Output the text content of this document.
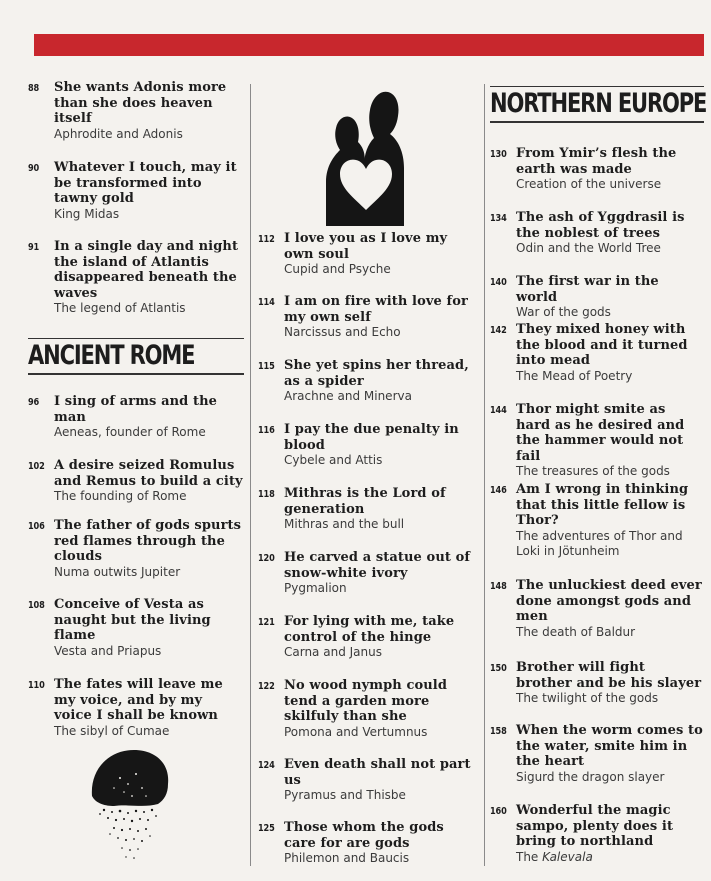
88 She wants Adonis more than she does heaven itself
Aphrodite and Adonis
90 Whatever I touch, may it be transformed into tawny gold
King Midas
91 In a single day and night the island of Atlantis disappeared beneath the waves
The legend of Atlantis
ANCIENT ROME
96 I sing of arms and the man
Aeneas, founder of Rome
102 A desire seized Romulus and Remus to build a city
The founding of Rome
106 The father of gods spurts red flames through the clouds
Numa outwits Jupiter
108 Conceive of Vesta as naught but the living flame
Vesta and Priapus
110 The fates will leave me my voice, and by my voice I shall be known
The sibyl of Cumae
112 I love you as I love my own soul
Cupid and Psyche
114 I am on fire with love for my own self
Narcissus and Echo
115 She yet spins her thread, as a spider
Arachne and Minerva
116 I pay the due penalty in blood
Cybele and Attis
118 Mithras is the Lord of generation
Mithras and the bull
120 He carved a statue out of snow-white ivory
Pygmalion
121 For lying with me, take control of the hinge
Carna and Janus
122 No wood nymph could tend a garden more skilfuly than she
Pomona and Vertumnus
124 Even death shall not part us
Pyramus and Thisbe
125 Those whom the gods care for are gods
Philemon and Baucis
NORTHERN EUROPE
130 From Ymir’s flesh the earth was made
Creation of the universe
134 The ash of Yggdrasil is the noblest of trees
Odin and the World Tree
140 The first war in the world
War of the gods
142 They mixed honey with the blood and it turned into mead
The Mead of Poetry
144 Thor might smite as hard as he desired and the hammer would not fail
The treasures of the gods
146 Am I wrong in thinking that this little fellow is Thor?
The adventures of Thor and Loki in Jötunheim
148 The unluckiest deed ever done amongst gods and men
The death of Baldur
150 Brother will fight brother and be his slayer
The twilight of the gods
158 When the worm comes to the water, smite him in the heart
Sigurd the dragon slayer
160 Wonderful the magic sampo, plenty does it bring to northland
The Kalevala
